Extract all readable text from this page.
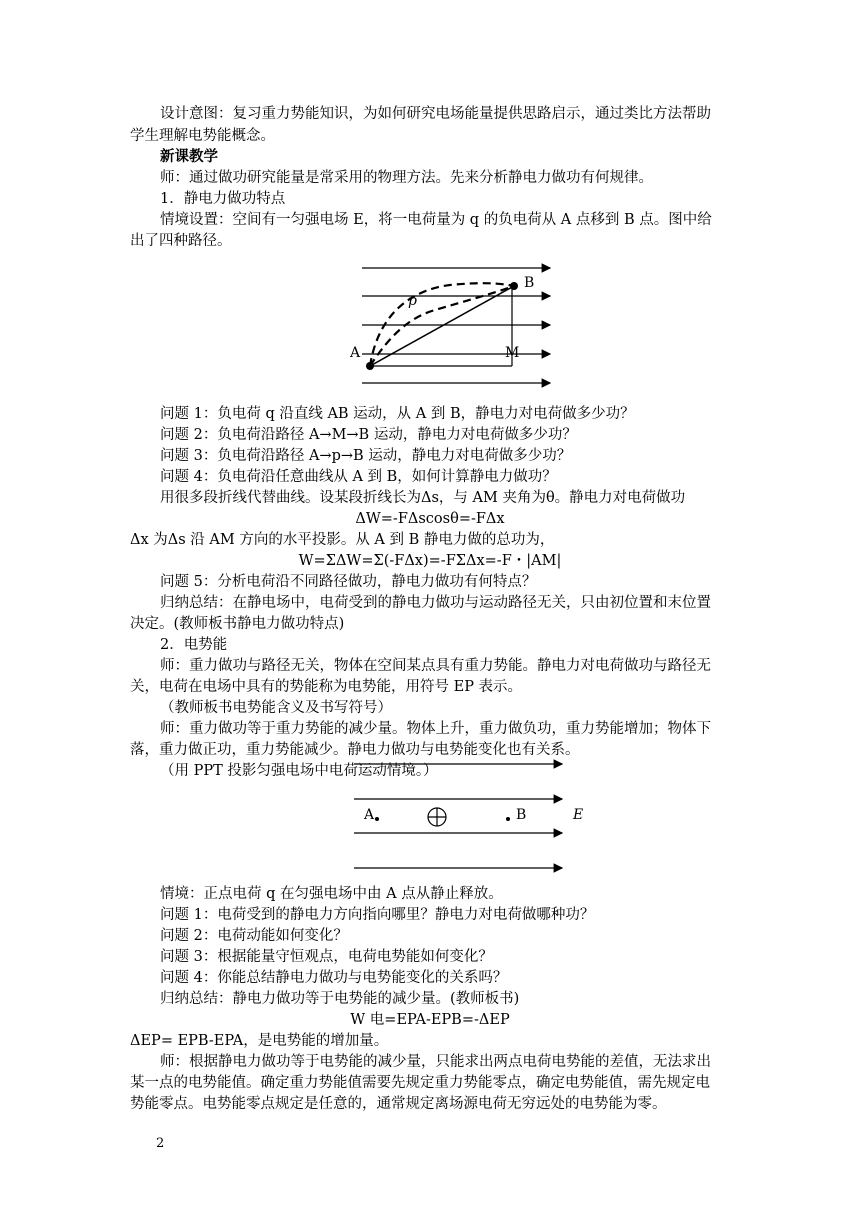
设计意图：复习重力势能知识，为如何研究电场能量提供思路启示，通过类比方法帮助
学生理解电势能概念。
新课教学
师：通过做功研究能量是常采用的物理方法。先来分析静电力做功有何规律。
1．静电力做功特点
情境设置：空间有一匀强电场 E，将一电荷量为 q 的负电荷从 A 点移到 B 点。图中给
出了四种路径。
A
B
M
p
问题 1：负电荷 q 沿直线 AB 运动，从 A 到 B，静电力对电荷做多少功？
问题 2：负电荷沿路径 A→M→B 运动，静电力对电荷做多少功？
问题 3：负电荷沿路径 A→p→B 运动，静电力对电荷做多少功？
问题 4：负电荷沿任意曲线从 A 到 B，如何计算静电力做功？
用很多段折线代替曲线。设某段折线长为Δs，与 AM 夹角为θ。静电力对电荷做功
ΔW=-FΔscosθ=-FΔx
Δx 为Δs 沿 AM 方向的水平投影。从 A 到 B 静电力做的总功为，
W=ΣΔW=Σ(-FΔx)=-FΣΔx=-F・|AM|
问题 5：分析电荷沿不同路径做功，静电力做功有何特点？
归纳总结：在静电场中，电荷受到的静电力做功与运动路径无关，只由初位置和末位置
决定。(教师板书静电力做功特点)
2．电势能
师：重力做功与路径无关，物体在空间某点具有重力势能。静电力对电荷做功与路径无
关，电荷在电场中具有的势能称为电势能，用符号 EP 表示。
（教师板书电势能含义及书写符号）
师：重力做功等于重力势能的减少量。物体上升，重力做负功，重力势能增加；物体下
落，重力做正功，重力势能减少。静电力做功与电势能变化也有关系。
（用 PPT 投影匀强电场中电荷运动情境。）
A	B	E
情境：正点电荷 q 在匀强电场中由 A 点从静止释放。
问题 1：电荷受到的静电力方向指向哪里？静电力对电荷做哪种功？
问题 2：电荷动能如何变化？
问题 3：根据能量守恒观点，电荷电势能如何变化？
问题 4：你能总结静电力做功与电势能变化的关系吗？
归纳总结：静电力做功等于电势能的减少量。(教师板书)
W 电=EPA-EPB=-ΔEP
ΔEP= EPB-EPA，是电势能的增加量。
师：根据静电力做功等于电势能的减少量，只能求出两点电荷电势能的差值，无法求出
某一点的电势能值。确定重力势能值需要先规定重力势能零点，确定电势能值，需先规定电
势能零点。电势能零点规定是任意的，通常规定离场源电荷无穷远处的电势能为零。
2
